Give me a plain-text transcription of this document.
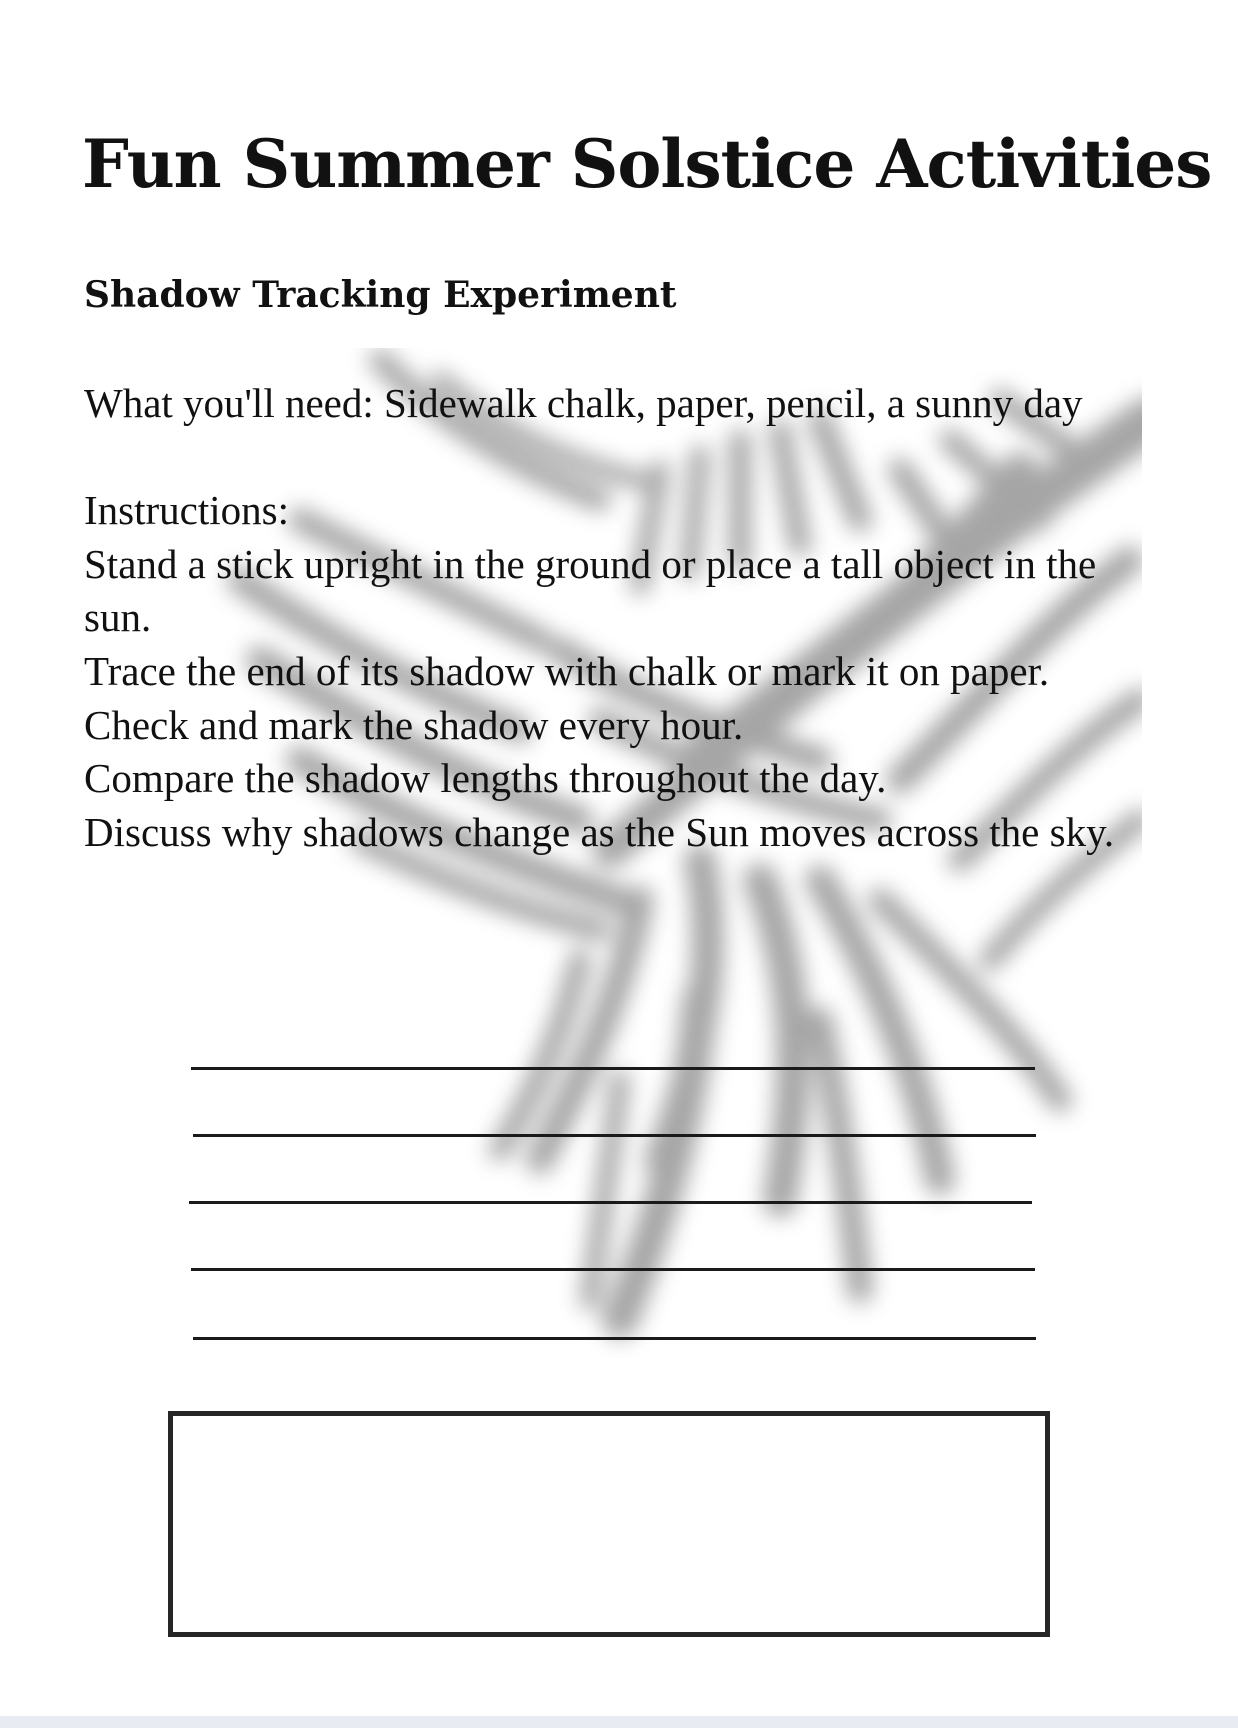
Fun Summer Solstice Activities
Shadow Tracking Experiment

What you'll need: Sidewalk chalk, paper, pencil, a sunny day

Instructions:

Stand a stick upright in the ground or place a tall object in the sun.

Trace the end of its shadow with chalk or mark it on paper.

Check and mark the shadow every hour.

Compare the shadow lengths throughout the day.

Discuss why shadows change as the Sun moves across the sky.
